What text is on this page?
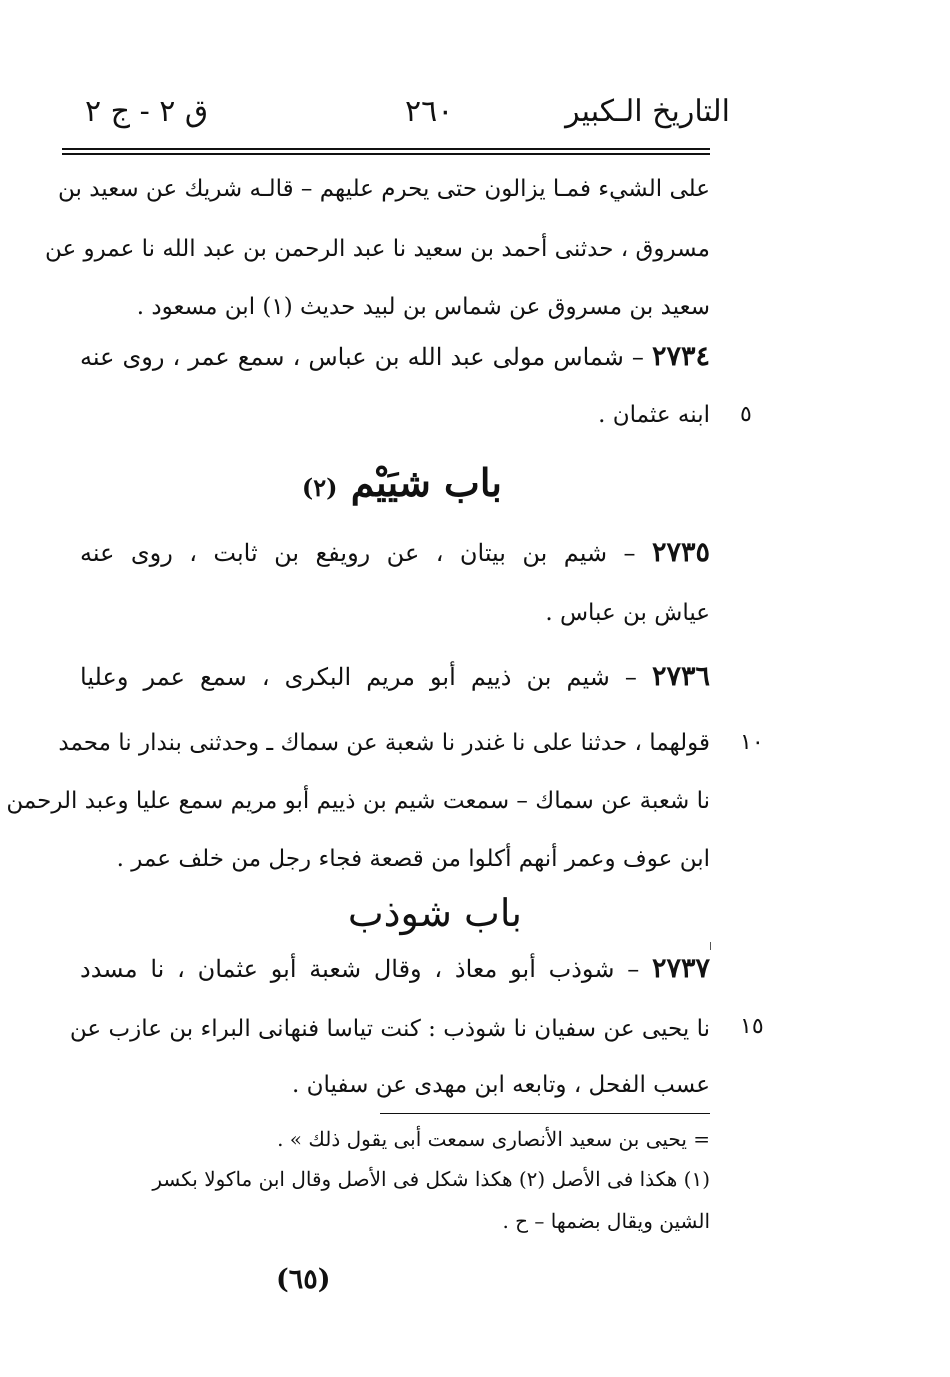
التاريخ الـكبير
٢٦٠
ق ٢ - ج ٢
على الشيء فمـا يزالون حتى يحرم عليهم – قالـه شريك عن سعيد بن
مسروق ، حدثنى أحمد بن سعيد نا عبد الرحمن بن عبد الله نا عمرو عن
سعيد بن مسروق عن شماس بن لبيد حديث (١) ابن مسعود .
٢٧٣٤ – شماس مولى عبد الله بن عباس ، سمع عمر ، روى عنه
ابنه عثمان . ٥
باب شيَيْم (٢)
٢٧٣٥ – شيم بن بيتان ، عن رويفع بن ثابت ، روى عنه
عياش بن عباس .
٢٧٣٦ – شيم بن ذييم أبو مريم البكرى ، سمع عمر وعليا
قولهما ، حدثنا على نا غندر نا شعبة عن سماك ـ وحدثنى بندار نا محمد ١٠
نا شعبة عن سماك – سمعت شيم بن ذييم أبو مريم سمع عليا وعبد الرحمن
ابن عوف وعمر أنهم أكلوا من قصعة فجاء رجل من خلف عمر .
باب شوذب
٢٧٣٧ – شوذب أبو معاذ ، وقال شعبة أبو عثمان ، نا مسدد
نا يحيى عن سفيان نا شوذب : كنت تياسا فنهانى البراء بن عازب عن ١٥
عسب الفحل ، وتابعه ابن مهدى عن سفيان .
= يحيى بن سعيد الأنصارى سمعت أبى يقول ذلك » .
(١) هكذا فى الأصل (٢) هكذا شكل فى الأصل وقال ابن ماكولا بكسر
الشين ويقال بضمها – ح .
(٦٥)
